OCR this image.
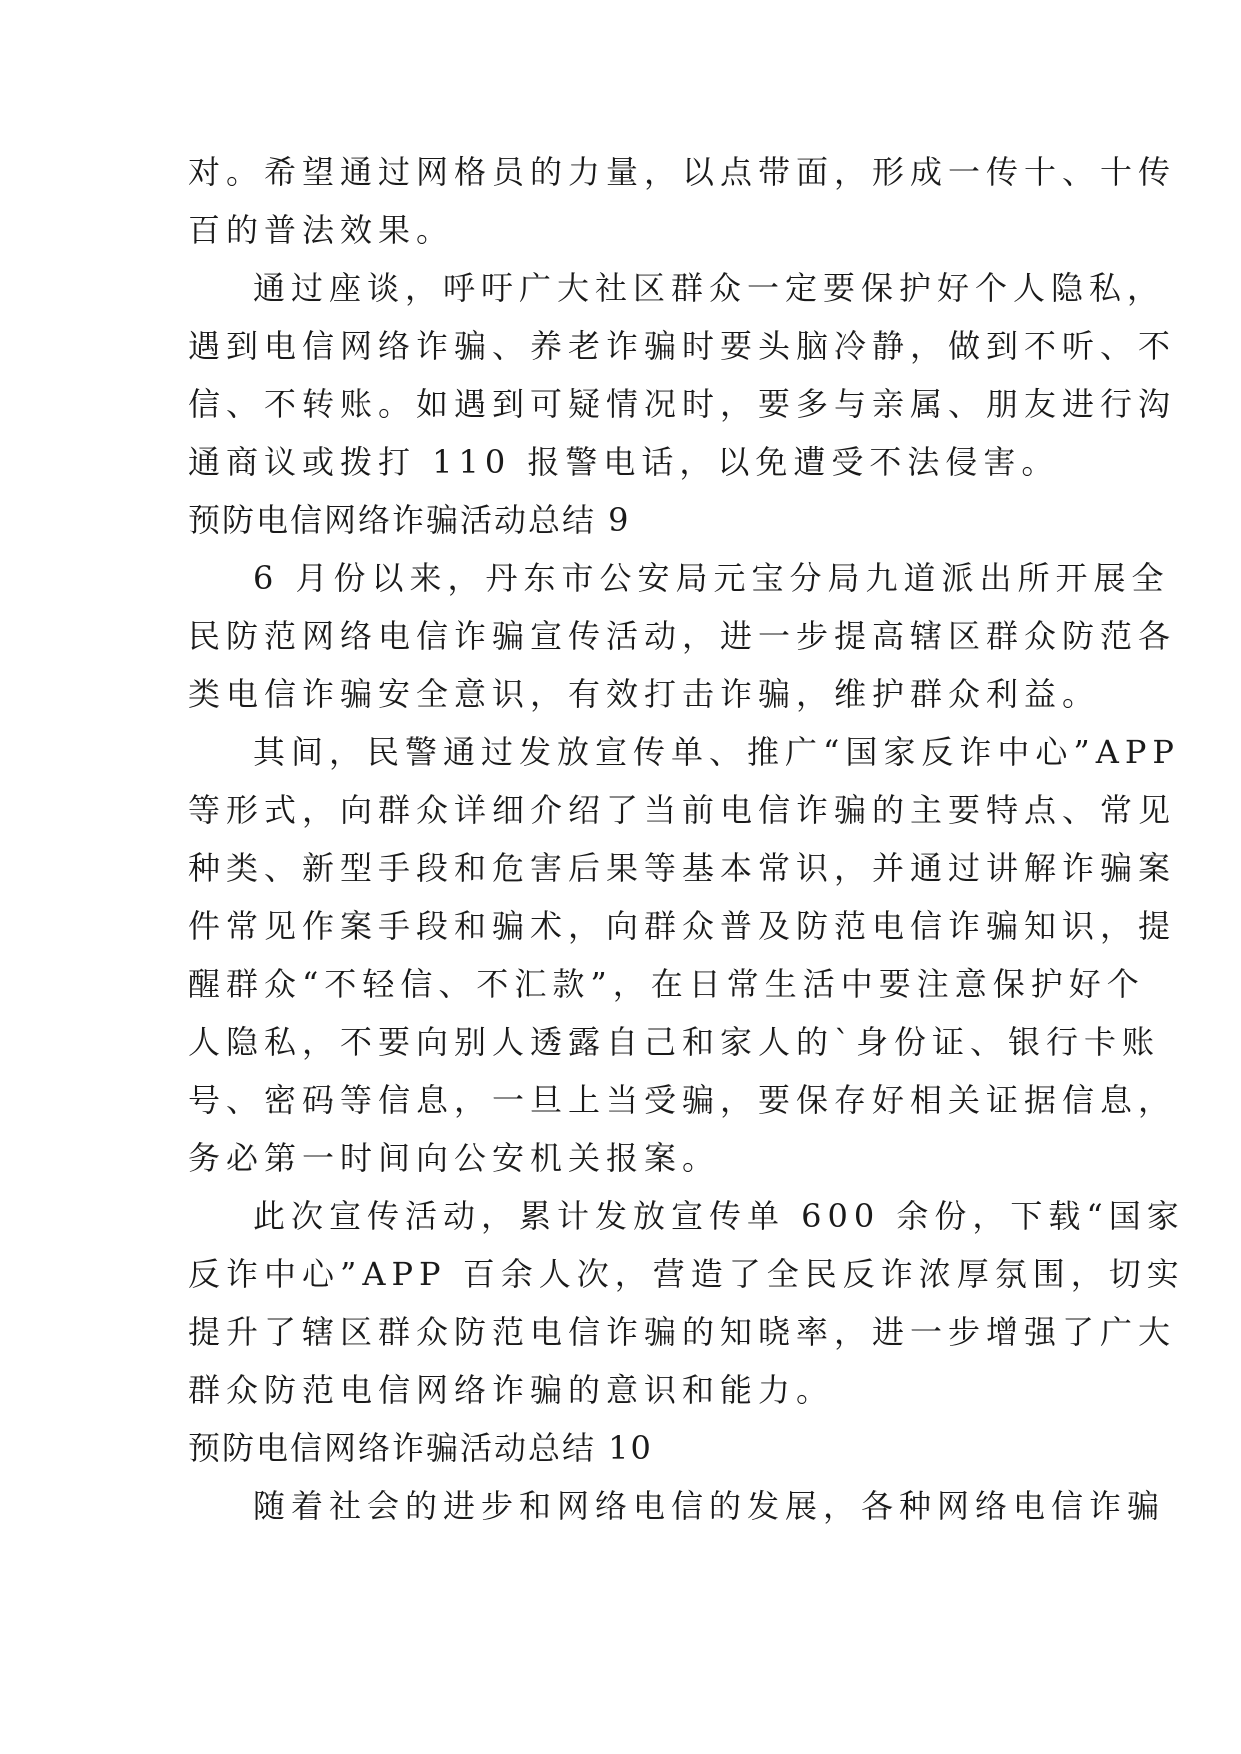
对。希望通过网格员的力量，以点带面，形成一传十、十传
百的普法效果。
通过座谈，呼吁广大社区群众一定要保护好个人隐私，
遇到电信网络诈骗、养老诈骗时要头脑冷静，做到不听、不
信、不转账。如遇到可疑情况时，要多与亲属、朋友进行沟
通商议或拨打 110 报警电话，以免遭受不法侵害。
预防电信网络诈骗活动总结 9
6 月份以来，丹东市公安局元宝分局九道派出所开展全
民防范网络电信诈骗宣传活动，进一步提高辖区群众防范各
类电信诈骗安全意识，有效打击诈骗，维护群众利益。
其间，民警通过发放宣传单、推广“国家反诈中心”APP
等形式，向群众详细介绍了当前电信诈骗的主要特点、常见
种类、新型手段和危害后果等基本常识，并通过讲解诈骗案
件常见作案手段和骗术，向群众普及防范电信诈骗知识，提
醒群众“不轻信、不汇款”，在日常生活中要注意保护好个
人隐私，不要向别人透露自己和家人的`身份证、银行卡账
号、密码等信息，一旦上当受骗，要保存好相关证据信息，
务必第一时间向公安机关报案。
此次宣传活动，累计发放宣传单 600 余份，下载“国家
反诈中心”APP 百余人次，营造了全民反诈浓厚氛围，切实
提升了辖区群众防范电信诈骗的知晓率，进一步增强了广大
群众防范电信网络诈骗的意识和能力。
预防电信网络诈骗活动总结 10
随着社会的进步和网络电信的发展，各种网络电信诈骗
